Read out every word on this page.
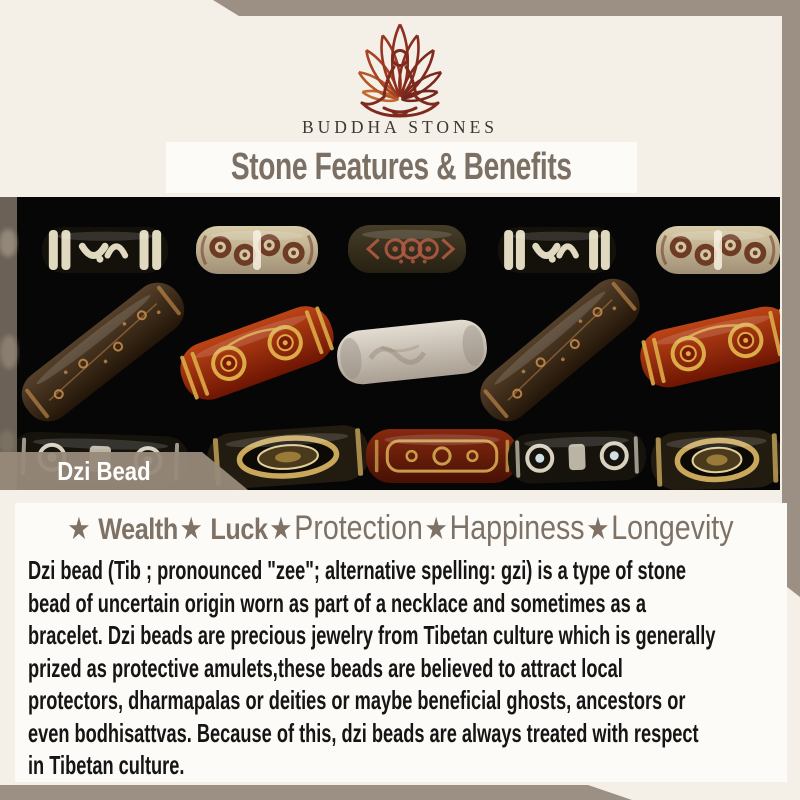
BUDDHA STONES
Stone Features & Benefits
Dzi Bead
★ Wealth ★ Luck ★ Protection ★ Happiness ★ Longevity
Dzi bead (Tib ; pronounced "zee"; alternative spelling: gzi) is a type of stone
bead of uncertain origin worn as part of a necklace and sometimes as a
bracelet. Dzi beads are precious jewelry from Tibetan culture which is generally
prized as protective amulets,these beads are believed to attract local
protectors, dharmapalas or deities or maybe beneficial ghosts, ancestors or
even bodhisattvas. Because of this, dzi beads are always treated with respect
in Tibetan culture.
